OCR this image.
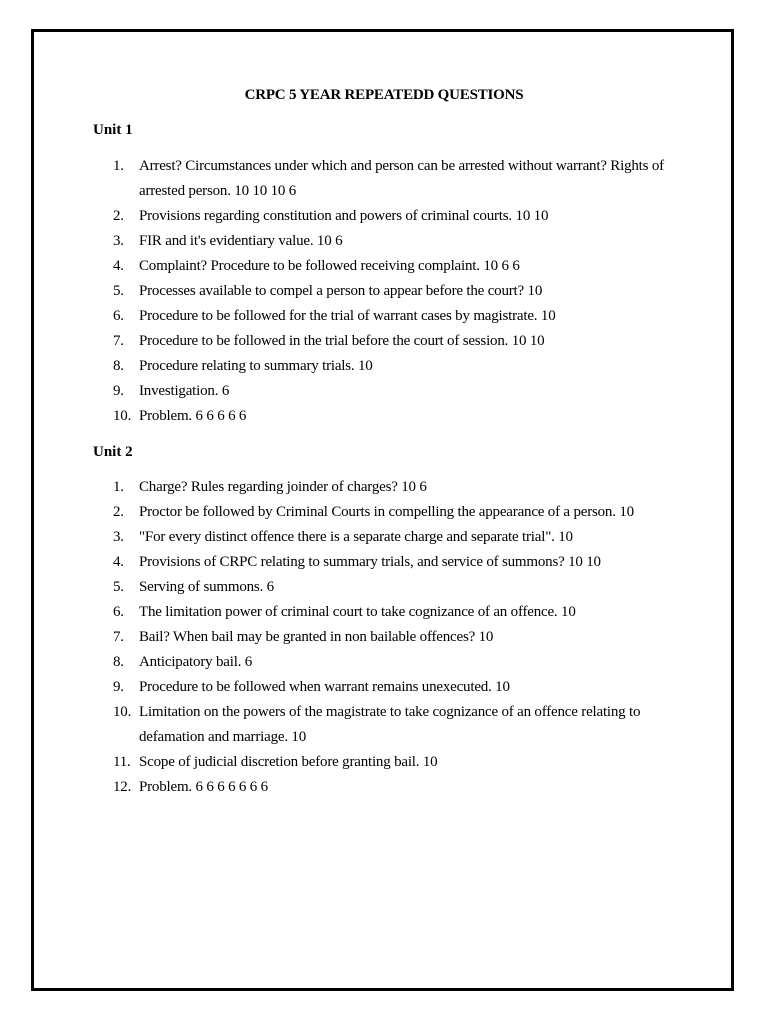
CRPC 5 YEAR REPEATEDD QUESTIONS
Unit 1
1. Arrest? Circumstances under which and person can be arrested without warrant? Rights of arrested person. 10 10 10 6
2. Provisions regarding constitution and powers of criminal courts. 10 10
3. FIR and it's evidentiary value. 10 6
4. Complaint? Procedure to be followed receiving complaint. 10 6 6
5. Processes available to compel a person to appear before the court? 10
6. Procedure to be followed for the trial of warrant cases by magistrate. 10
7. Procedure to be followed in the trial before the court of session. 10 10
8. Procedure relating to summary trials. 10
9. Investigation. 6
10. Problem. 6 6 6 6 6
Unit 2
1. Charge? Rules regarding joinder of charges? 10 6
2. Proctor be followed by Criminal Courts in compelling the appearance of a person. 10
3. "For every distinct offence there is a separate charge and separate trial". 10
4. Provisions of CRPC relating to summary trials, and service of summons? 10 10
5. Serving of summons. 6
6. The limitation power of criminal court to take cognizance of an offence. 10
7. Bail? When bail may be granted in non bailable offences? 10
8. Anticipatory bail. 6
9. Procedure to be followed when warrant remains unexecuted. 10
10. Limitation on the powers of the magistrate to take cognizance of an offence relating to defamation and marriage. 10
11. Scope of judicial discretion before granting bail. 10
12. Problem. 6 6 6 6 6 6 6
